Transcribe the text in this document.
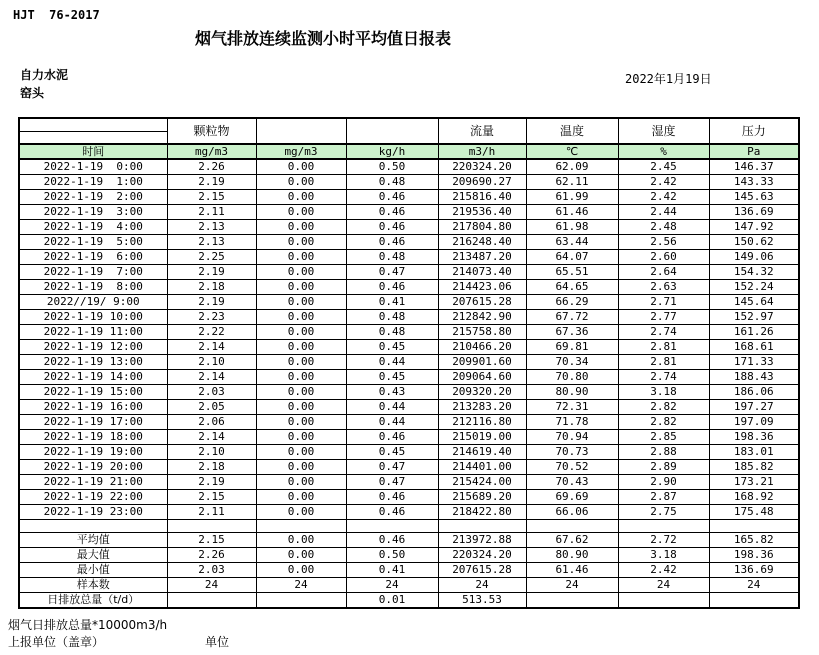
HJT  76-2017
烟气排放连续监测小时平均值日报表
自力水泥
窑头
2022年1月19日
	颗粒物			流量	温度	湿度	压力

时间	mg/m3	mg/m3	kg/h	m3/h	℃	%	Pa
2022-1-19  0:00	2.26	0.00	0.50	220324.20	62.09	2.45	146.37
2022-1-19  1:00	2.19	0.00	0.48	209690.27	62.11	2.42	143.33
2022-1-19  2:00	2.15	0.00	0.46	215816.40	61.99	2.42	145.63
2022-1-19  3:00	2.11	0.00	0.46	219536.40	61.46	2.44	136.69
2022-1-19  4:00	2.13	0.00	0.46	217804.80	61.98	2.48	147.92
2022-1-19  5:00	2.13	0.00	0.46	216248.40	63.44	2.56	150.62
2022-1-19  6:00	2.25	0.00	0.48	213487.20	64.07	2.60	149.06
2022-1-19  7:00	2.19	0.00	0.47	214073.40	65.51	2.64	154.32
2022-1-19  8:00	2.18	0.00	0.46	214423.06	64.65	2.63	152.24
2022//19/ 9:00	2.19	0.00	0.41	207615.28	66.29	2.71	145.64
2022-1-19 10:00	2.23	0.00	0.48	212842.90	67.72	2.77	152.97
2022-1-19 11:00	2.22	0.00	0.48	215758.80	67.36	2.74	161.26
2022-1-19 12:00	2.14	0.00	0.45	210466.20	69.81	2.81	168.61
2022-1-19 13:00	2.10	0.00	0.44	209901.60	70.34	2.81	171.33
2022-1-19 14:00	2.14	0.00	0.45	209064.60	70.80	2.74	188.43
2022-1-19 15:00	2.03	0.00	0.43	209320.20	80.90	3.18	186.06
2022-1-19 16:00	2.05	0.00	0.44	213283.20	72.31	2.82	197.27
2022-1-19 17:00	2.06	0.00	0.44	212116.80	71.78	2.82	197.09
2022-1-19 18:00	2.14	0.00	0.46	215019.00	70.94	2.85	198.36
2022-1-19 19:00	2.10	0.00	0.45	214619.40	70.73	2.88	183.01
2022-1-19 20:00	2.18	0.00	0.47	214401.00	70.52	2.89	185.82
2022-1-19 21:00	2.19	0.00	0.47	215424.00	70.43	2.90	173.21
2022-1-19 22:00	2.15	0.00	0.46	215689.20	69.69	2.87	168.92
2022-1-19 23:00	2.11	0.00	0.46	218422.80	66.06	2.75	175.48

平均值	2.15	0.00	0.46	213972.88	67.62	2.72	165.82
最大值	2.26	0.00	0.50	220324.20	80.90	3.18	198.36
最小值	2.03	0.00	0.41	207615.28	61.46	2.42	136.69
样本数	24	24	24	24	24	24	24
日排放总量（t/d）			0.01	513.53			
烟气日排放总量*10000m3/h
上报单位（盖章）	单位
